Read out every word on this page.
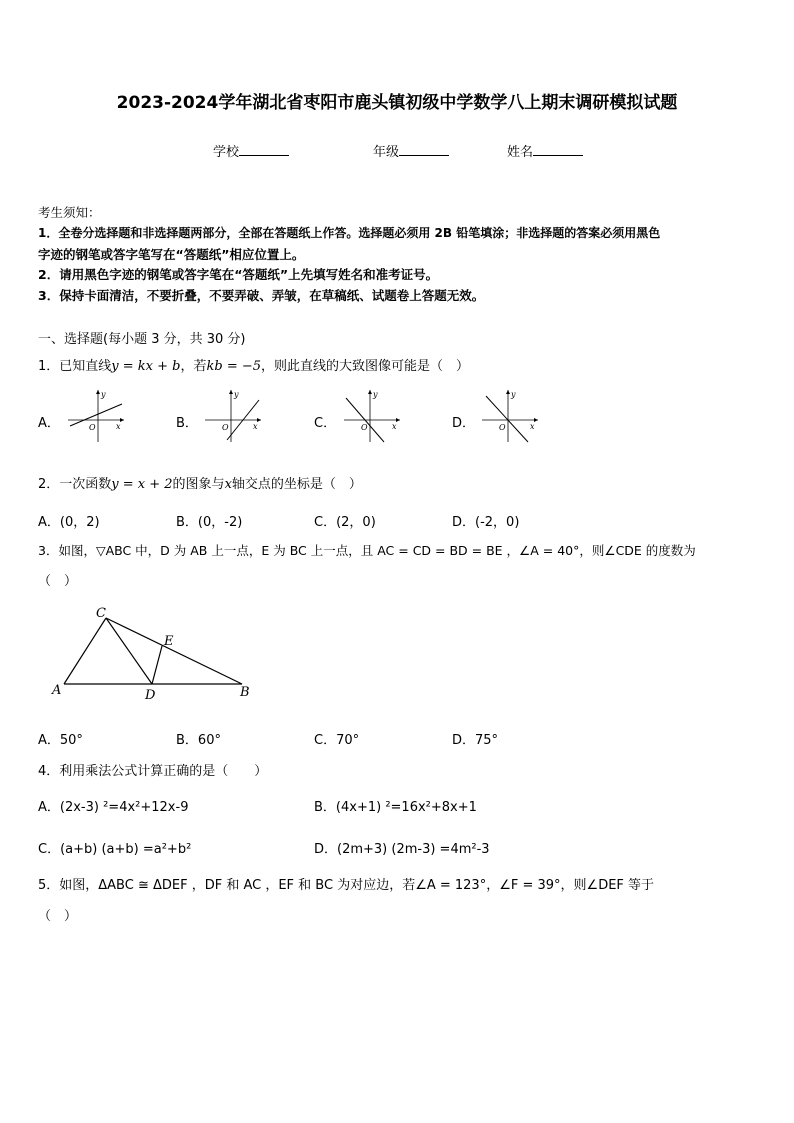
2023-2024学年湖北省枣阳市鹿头镇初级中学数学八上期末调研模拟试题
学校	年级	姓名
考生须知：
1．全卷分选择题和非选择题两部分，全部在答题纸上作答。选择题必须用 2B 铅笔填涂；非选择题的答案必须用黑色
字迹的钢笔或答字笔写在“答题纸”相应位置上。
2．请用黑色字迹的钢笔或答字笔在“答题纸”上先填写姓名和准考证号。
3．保持卡面清洁，不要折叠，不要弄破、弄皱，在草稿纸、试题卷上答题无效。
一、选择题(每小题 3 分，共 30 分)
1．已知直线y = kx + b，若kb = −5，则此直线的大致图像可能是（　）
A．	B．	C．	D．
y
x
O
y
x
O
y
x
O
y
x
O
2．一次函数y = x + 2的图象与x轴交点的坐标是（　）
A．(0，2)	B．(0，-2)	C．(2，0)	D．(-2，0)
3．如图，▽ABC 中，D 为 AB 上一点，E 为 BC 上一点，且 AC = CD = BD = BE ，∠A = 40°，则∠CDE 的度数为
（　）
A
C
E
D	B
A．50°	B．60°	C．70°	D．75°
4．利用乘法公式计算正确的是（　　）
A．(2x-3) ²=4x²+12x-9	B．(4x+1) ²=16x²+8x+1
C．(a+b) (a+b) =a²+b²	D．(2m+3) (2m-3) =4m²-3
5．如图，ΔABC ≅ ΔDEF ，DF 和 AC ，EF 和 BC 为对应边，若∠A = 123°，∠F = 39°，则∠DEF 等于
（　）
